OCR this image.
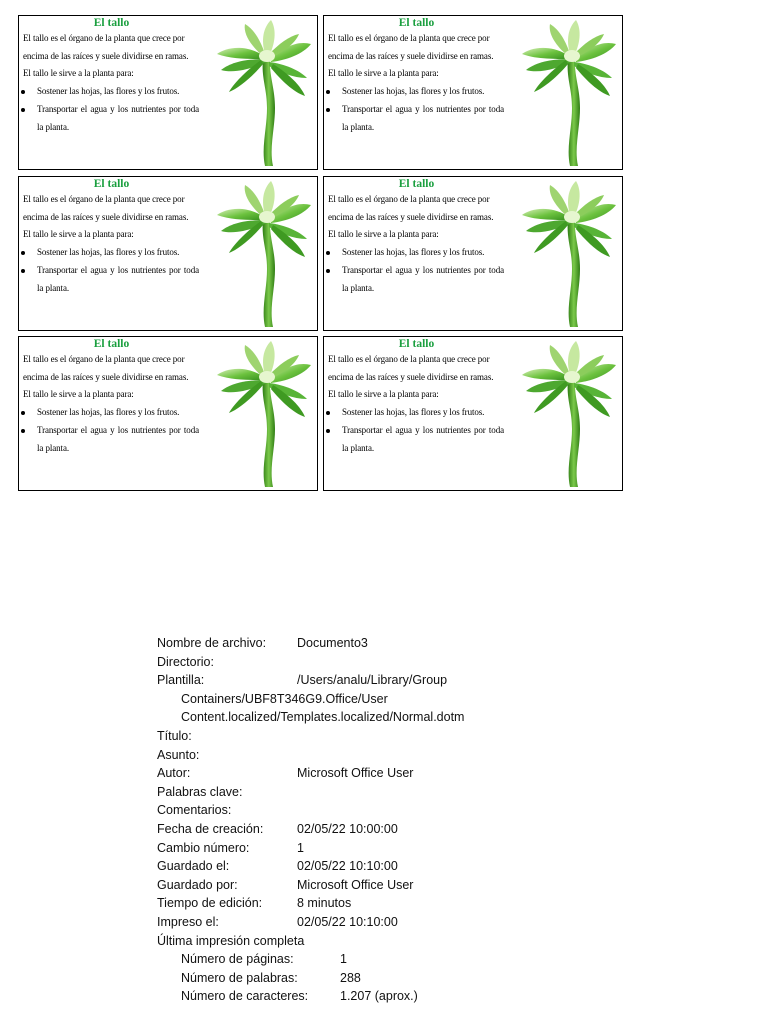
El tallo

El tallo es el órgano de la planta que crece por encima de las raíces y suele dividirse en ramas.

El tallo le sirve a la planta para:

Sostener las hojas, las flores y los frutos.
Transportar el agua y los nutrientes por toda la planta.
El tallo

El tallo es el órgano de la planta que crece por encima de las raíces y suele dividirse en ramas.

El tallo le sirve a la planta para:

Sostener las hojas, las flores y los frutos.
Transportar el agua y los nutrientes por toda la planta.
El tallo

El tallo es el órgano de la planta que crece por encima de las raíces y suele dividirse en ramas.

El tallo le sirve a la planta para:

Sostener las hojas, las flores y los frutos.
Transportar el agua y los nutrientes por toda la planta.
El tallo

El tallo es el órgano de la planta que crece por encima de las raíces y suele dividirse en ramas.

El tallo le sirve a la planta para:

Sostener las hojas, las flores y los frutos.
Transportar el agua y los nutrientes por toda la planta.
El tallo

El tallo es el órgano de la planta que crece por encima de las raíces y suele dividirse en ramas.

El tallo le sirve a la planta para:

Sostener las hojas, las flores y los frutos.
Transportar el agua y los nutrientes por toda la planta.
El tallo

El tallo es el órgano de la planta que crece por encima de las raíces y suele dividirse en ramas.

El tallo le sirve a la planta para:

Sostener las hojas, las flores y los frutos.
Transportar el agua y los nutrientes por toda la planta.
Nombre de archivo: Documento3
Directorio:
Plantilla:	/Users/analu/Library/Group
Containers/UBF8T346G9.Office/User
Content.localized/Templates.localized/Normal.dotm
Título:
Asunto:
Autor:	Microsoft Office User
Palabras clave:
Comentarios:
Fecha de creación:	02/05/22 10:00:00
Cambio número:	1
Guardado el:	02/05/22 10:10:00
Guardado por:	Microsoft Office User
Tiempo de edición:	8 minutos
Impreso el:	02/05/22 10:10:00
Última impresión completa
Número de páginas:	1
Número de palabras:	288
Número de caracteres:	1.207 (aprox.)
